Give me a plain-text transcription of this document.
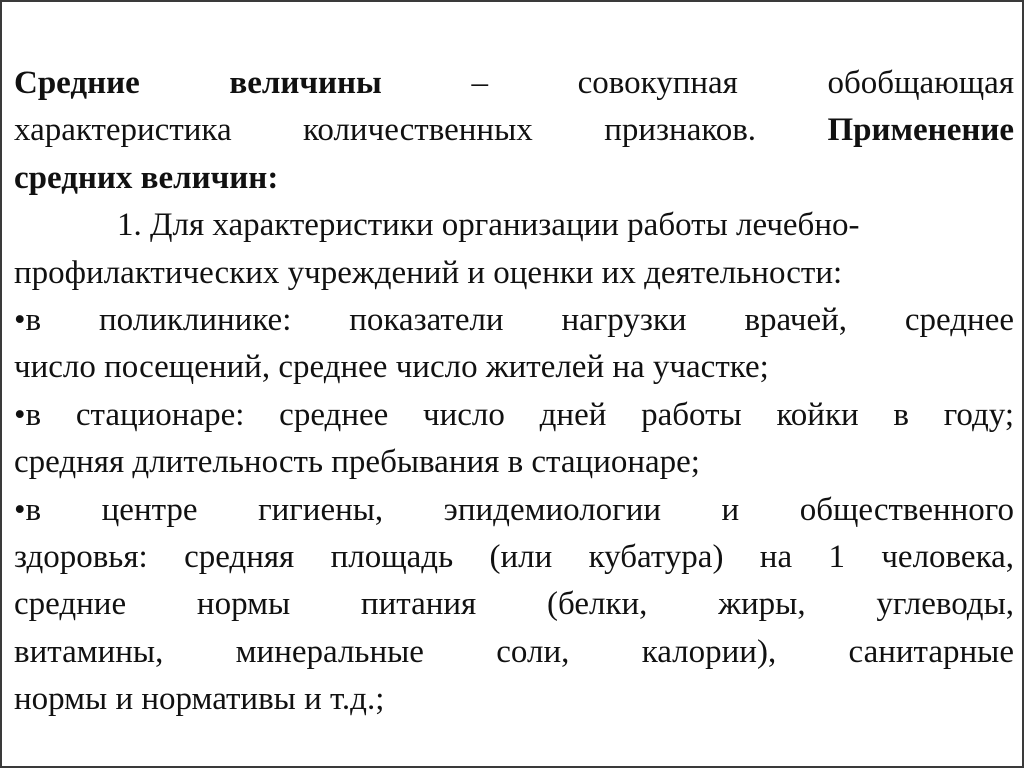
Средние величины	–	совокупная обобщающая
характеристика количественных признаков. Применение
средних величин:
1. Для характеристики организации работы лечебно-
профилактических учреждений и оценки их деятельности:
•в поликлинике: показатели нагрузки врачей, среднее
число посещений, среднее число жителей на участке;
•в стационаре: среднее число дней работы койки в году;
средняя длительность пребывания в стационаре;
•в центре гигиены, эпидемиологии и общественного
здоровья: средняя площадь (или кубатура) на 1 человека,
средние нормы питания (белки, жиры, углеводы,
витамины, минеральные соли, калории), санитарные
нормы и нормативы и т.д.;
